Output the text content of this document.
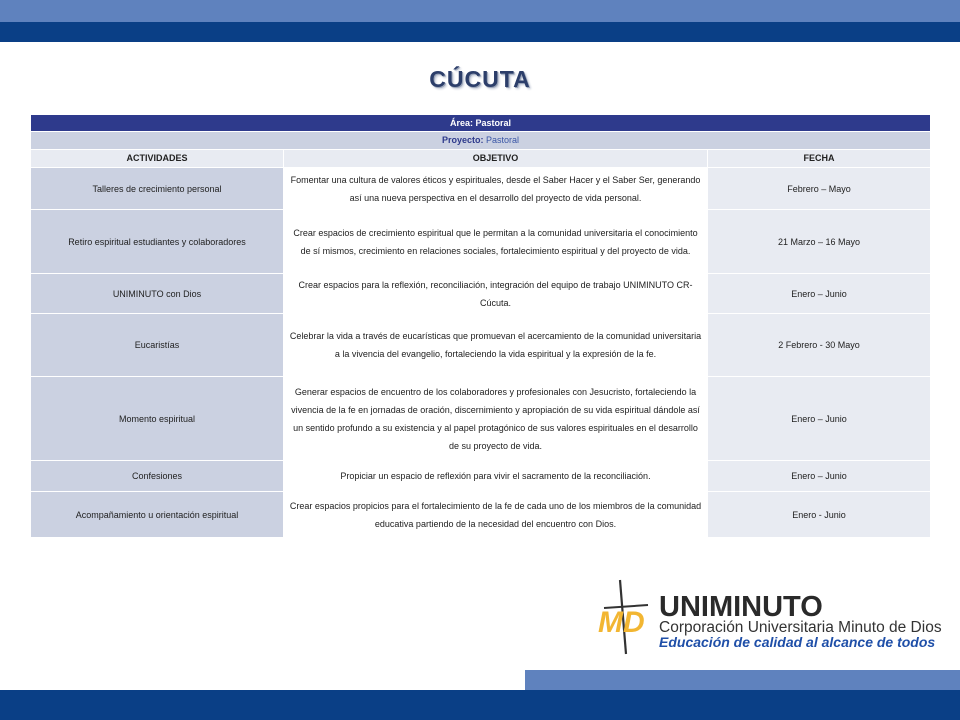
CÚCUTA
Área: Pastoral		
Proyecto: Pastoral		
ACTIVIDADES	OBJETIVO	FECHA
Talleres de crecimiento personal	Fomentar una cultura de valores éticos y espirituales, desde el Saber Hacer y el Saber Ser, generando así una nueva perspectiva en el desarrollo del proyecto de vida personal.	Febrero – Mayo
Retiro espiritual estudiantes y colaboradores	Crear espacios de crecimiento espiritual que le permitan a la comunidad universitaria el conocimiento de sí mismos, crecimiento en relaciones sociales, fortalecimiento espiritual y del proyecto de vida.	21 Marzo – 16 Mayo
UNIMINUTO con Dios	Crear espacios para la reflexión, reconciliación, integración del equipo de trabajo UNIMINUTO CR-Cúcuta.	Enero – Junio
Eucaristías	Celebrar la vida a través de eucarísticas que promuevan el acercamiento de la comunidad universitaria a la vivencia del evangelio, fortaleciendo la vida espiritual y la expresión de la fe.	2 Febrero - 30 Mayo
Momento espiritual	Generar espacios de encuentro de los colaboradores y profesionales con Jesucristo, fortaleciendo la vivencia de la fe en jornadas de oración, discernimiento y apropiación de su vida espiritual dándole así un sentido profundo a su existencia y al papel protagónico de sus valores espirituales en el desarrollo de su proyecto de vida.	Enero – Junio
Confesiones	Propiciar un espacio de reflexión para vivir el sacramento de la reconciliación.	Enero – Junio
Acompañamiento u orientación espiritual	Crear espacios propicios para el fortalecimiento de la fe de cada uno de los miembros de la comunidad educativa partiendo de la necesidad del encuentro con Dios.	Enero - Junio
MD UNIMINUTO
Corporación Universitaria Minuto de Dios
Educación de calidad al alcance de todos
